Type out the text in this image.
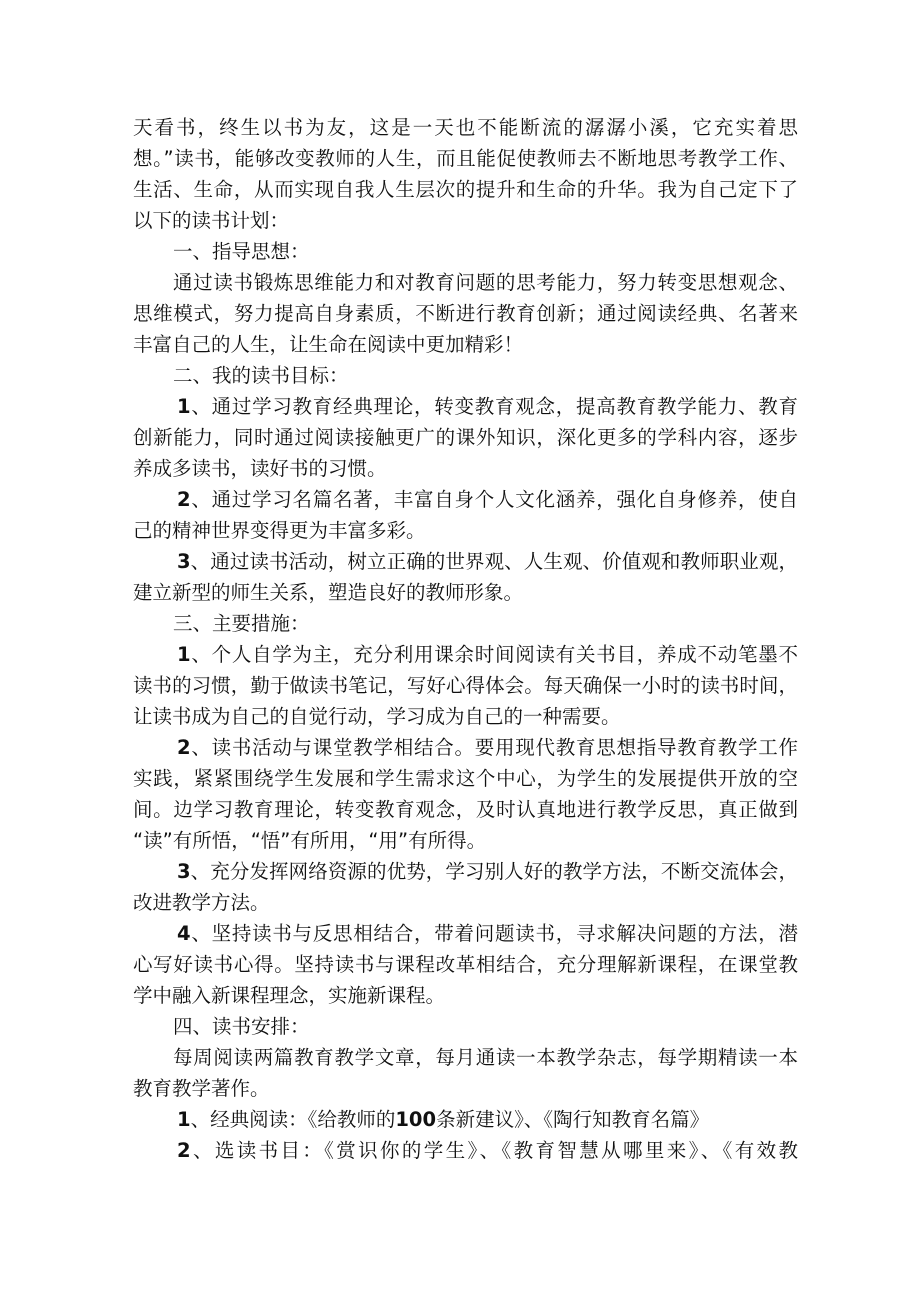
天看书，终生以书为友，这是一天也不能断流的潺潺小溪，它充实着思
想。”读书，能够改变教师的人生，而且能促使教师去不断地思考教学工作、
生活、生命，从而实现自我人生层次的提升和生命的升华。我为自己定下了
以下的读书计划：
一、指导思想：
通过读书锻炼思维能力和对教育问题的思考能力，努力转变思想观念、
思维模式，努力提高自身素质，不断进行教育创新；通过阅读经典、名著来
丰富自己的人生，让生命在阅读中更加精彩！
二、我的读书目标：
1、通过学习教育经典理论，转变教育观念，提高教育教学能力、教育
创新能力，同时通过阅读接触更广的课外知识，深化更多的学科内容，逐步
养成多读书，读好书的习惯。
2、通过学习名篇名著，丰富自身个人文化涵养，强化自身修养，使自
己的精神世界变得更为丰富多彩。
3、通过读书活动，树立正确的世界观、人生观、价值观和教师职业观，
建立新型的师生关系，塑造良好的教师形象。
三、主要措施：
1、个人自学为主，充分利用课余时间阅读有关书目，养成不动笔墨不
读书的习惯，勤于做读书笔记，写好心得体会。每天确保一小时的读书时间，
让读书成为自己的自觉行动，学习成为自己的一种需要。
2、读书活动与课堂教学相结合。要用现代教育思想指导教育教学工作
实践，紧紧围绕学生发展和学生需求这个中心，为学生的发展提供开放的空
间。边学习教育理论，转变教育观念，及时认真地进行教学反思，真正做到
“读”有所悟，“悟”有所用，“用”有所得。
3、充分发挥网络资源的优势，学习别人好的教学方法，不断交流体会，
改进教学方法。
4、坚持读书与反思相结合，带着问题读书，寻求解决问题的方法，潜
心写好读书心得。坚持读书与课程改革相结合，充分理解新课程，在课堂教
学中融入新课程理念，实施新课程。
四、读书安排：
每周阅读两篇教育教学文章，每月通读一本教学杂志，每学期精读一本
教育教学著作。
1、经典阅读：《给教师的100条新建议》、《陶行知教育名篇》
2、选读书目：《赏识你的学生》、《教育智慧从哪里来》、《有效教
